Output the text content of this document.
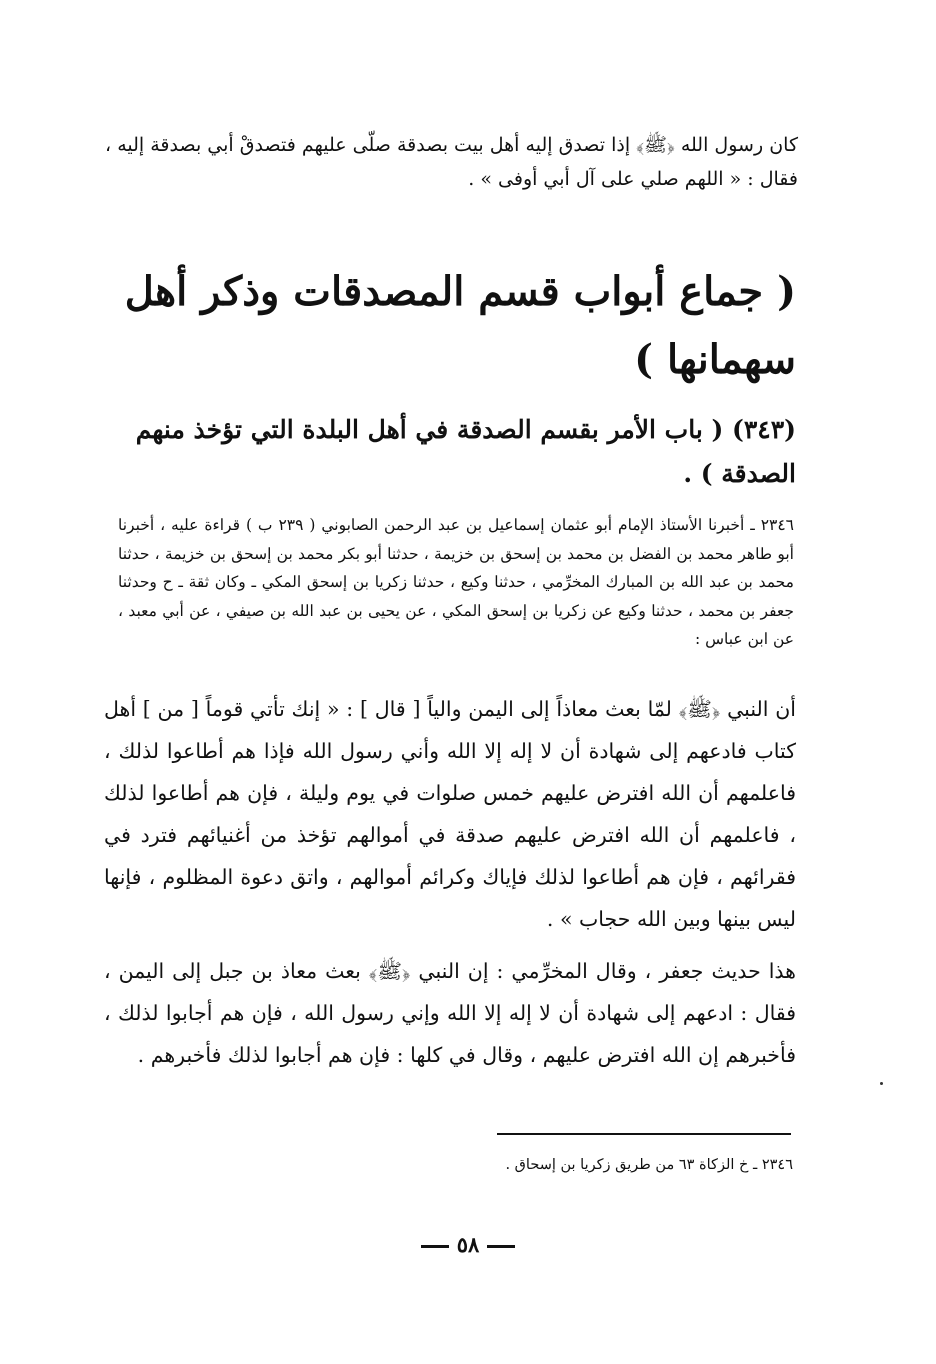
كان رسول الله ﴿ﷺ﴾ إذا تصدق إليه أهل بيت بصدقة صلّى عليهم فتصدقْ أبي بصدقة إليه ، فقال : « اللهم صلي على آل أبي أوفى » .

( جماع أبواب قسم المصدقات وذكر أهل سهمانها )
(٣٤٣) ( باب الأمر بقسم الصدقة في أهل البلدة التي تؤخذ منهم الصدقة ) .

٢٣٤٦ ـ أخبرنا الأستاذ الإمام أبو عثمان إسماعيل بن عبد الرحمن الصابوني ( ٢٣٩ ب ) قراءة عليه ، أخبرنا أبو طاهر محمد بن الفضل بن محمد بن إسحق بن خزيمة ، حدثنا أبو بكر محمد بن إسحق بن خزيمة ، حدثنا محمد بن عبد الله بن المبارك المخرِّمي ، حدثنا وكيع ، حدثنا زكريا بن إسحق المكي ـ وكان ثقة ـ ح وحدثنا جعفر بن محمد ، حدثنا وكيع عن زكريا بن إسحق المكي ، عن يحيى بن عبد الله بن صيفي ، عن أبي معبد ، عن ابن عباس :

أن النبي ﴿ﷺ﴾ لمّا بعث معاذاً إلى اليمن والياً [ قال ] : « إنك تأتي قوماً [ من ] أهل كتاب فادعهم إلى شهادة أن لا إله إلا الله وأني رسول الله فإذا هم أطاعوا لذلك ، فاعلمهم أن الله افترض عليهم خمس صلوات في يوم وليلة ، فإن هم أطاعوا لذلك ، فاعلمهم أن الله افترض عليهم صدقة في أموالهم تؤخذ من أغنيائهم فترد في فقرائهم ، فإن هم أطاعوا لذلك فإياك وكرائم أموالهم ، واتق دعوة المظلوم ، فإنها ليس بينها وبين الله حجاب » .

هذا حديث جعفر ، وقال المخرِّمي : إن النبي ﴿ﷺ﴾ بعث معاذ بن جبل إلى اليمن ، فقال : ادعهم إلى شهادة أن لا إله إلا الله وإني رسول الله ، فإن هم أجابوا لذلك ، فأخبرهم إن الله افترض عليهم ، وقال في كلها : فإن هم أجابوا لذلك فأخبرهم .

٢٣٤٦ ـ خ الزكاة ٦٣ من طريق زكريا بن إسحاق .

٥٨
